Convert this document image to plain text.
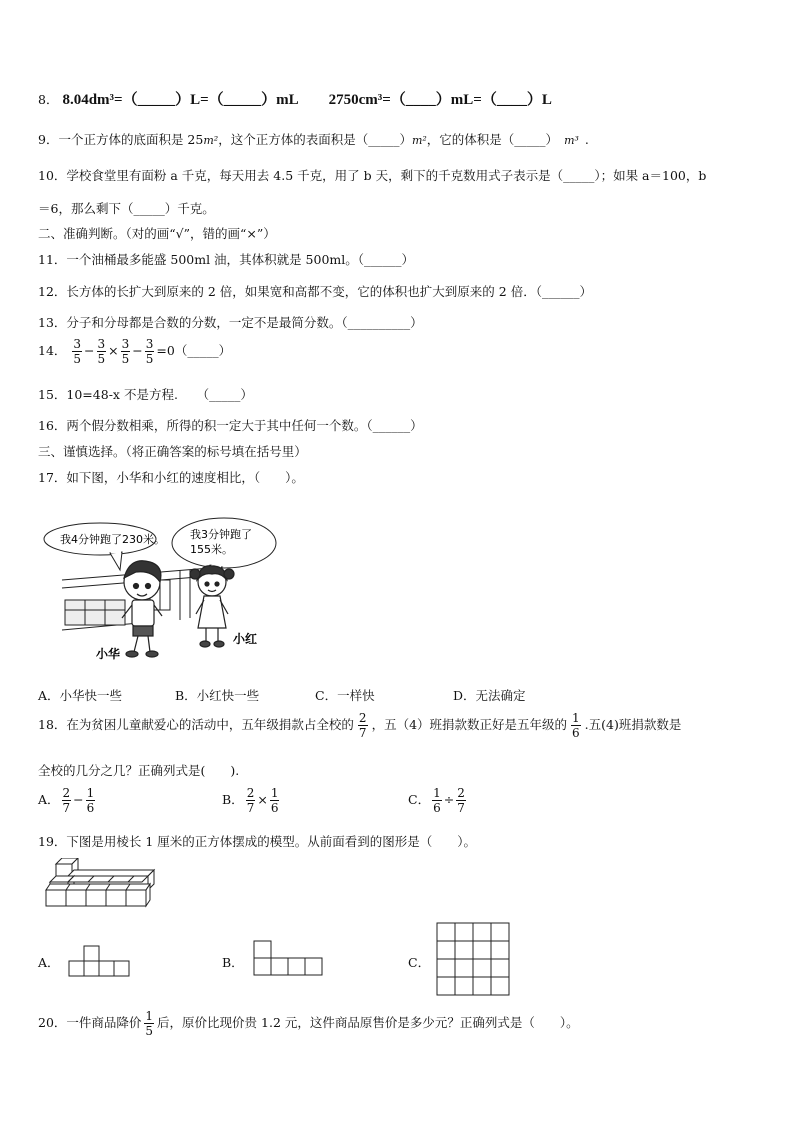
8． 8.04dm³=（_____）L=（_____）mL 2750cm³=（____）mL=（____）L
9．一个正方体的底面积是 25m²，这个正方体的表面积是（_____）m²，它的体积是（_____） m³ .
10．学校食堂里有面粉 a 千克，每天用去 4.5 千克，用了 b 天，剩下的千克数用式子表示是（_____）；如果 a＝100，b
＝6，那么剩下（_____）千克。
二、准确判断。（对的画“√”，错的画“×”）
11．一个油桶最多能盛 500ml 油，其体积就是 500ml。（______）
12．长方体的长扩大到原来的 2 倍，如果宽和高都不变，它的体积也扩大到原来的 2 倍．（______）
13．分子和分母都是合数的分数，一定不是最简分数。（__________）
14． $\frac{3}{5} - \frac{3}{5} \times \frac{3}{5} - \frac{3}{5}$ =0（_____）
15．10=48-x 不是方程.　　（_____）
16．两个假分数相乘，所得的积一定大于其中任何一个数。（______）
三、谨慎选择。（将正确答案的标号填在括号里）
17．如下图，小华和小红的速度相比，（　　）。
我4分钟跑了230米。 我3分钟跑了
155米。
小华
小红
A．小华快一些	B．小红快一些	C．一样快	D．无法确定
18．在为贫困儿童献爱心的活动中，五年级捐款占全校的 $\frac{2}{7}$ ，五（4）班捐款数正好是五年级的 $\frac{1}{6}$ .五(4)班捐款数是
全校的几分之几？正确列式是(　　).
A． $\frac{2}{7} - \frac{1}{6}$	B． $\frac{2}{7} \times \frac{1}{6}$	C． $\frac{1}{6} \div \frac{2}{7}$
19．下图是用棱长 1 厘米的正方体摆成的模型。从前面看到的图形是（　　）。
A．	B．	C．
20．一件商品降价 $\frac{1}{5}$ 后，原价比现价贵 1.2 元，这件商品原售价是多少元？正确列式是（　　）。
